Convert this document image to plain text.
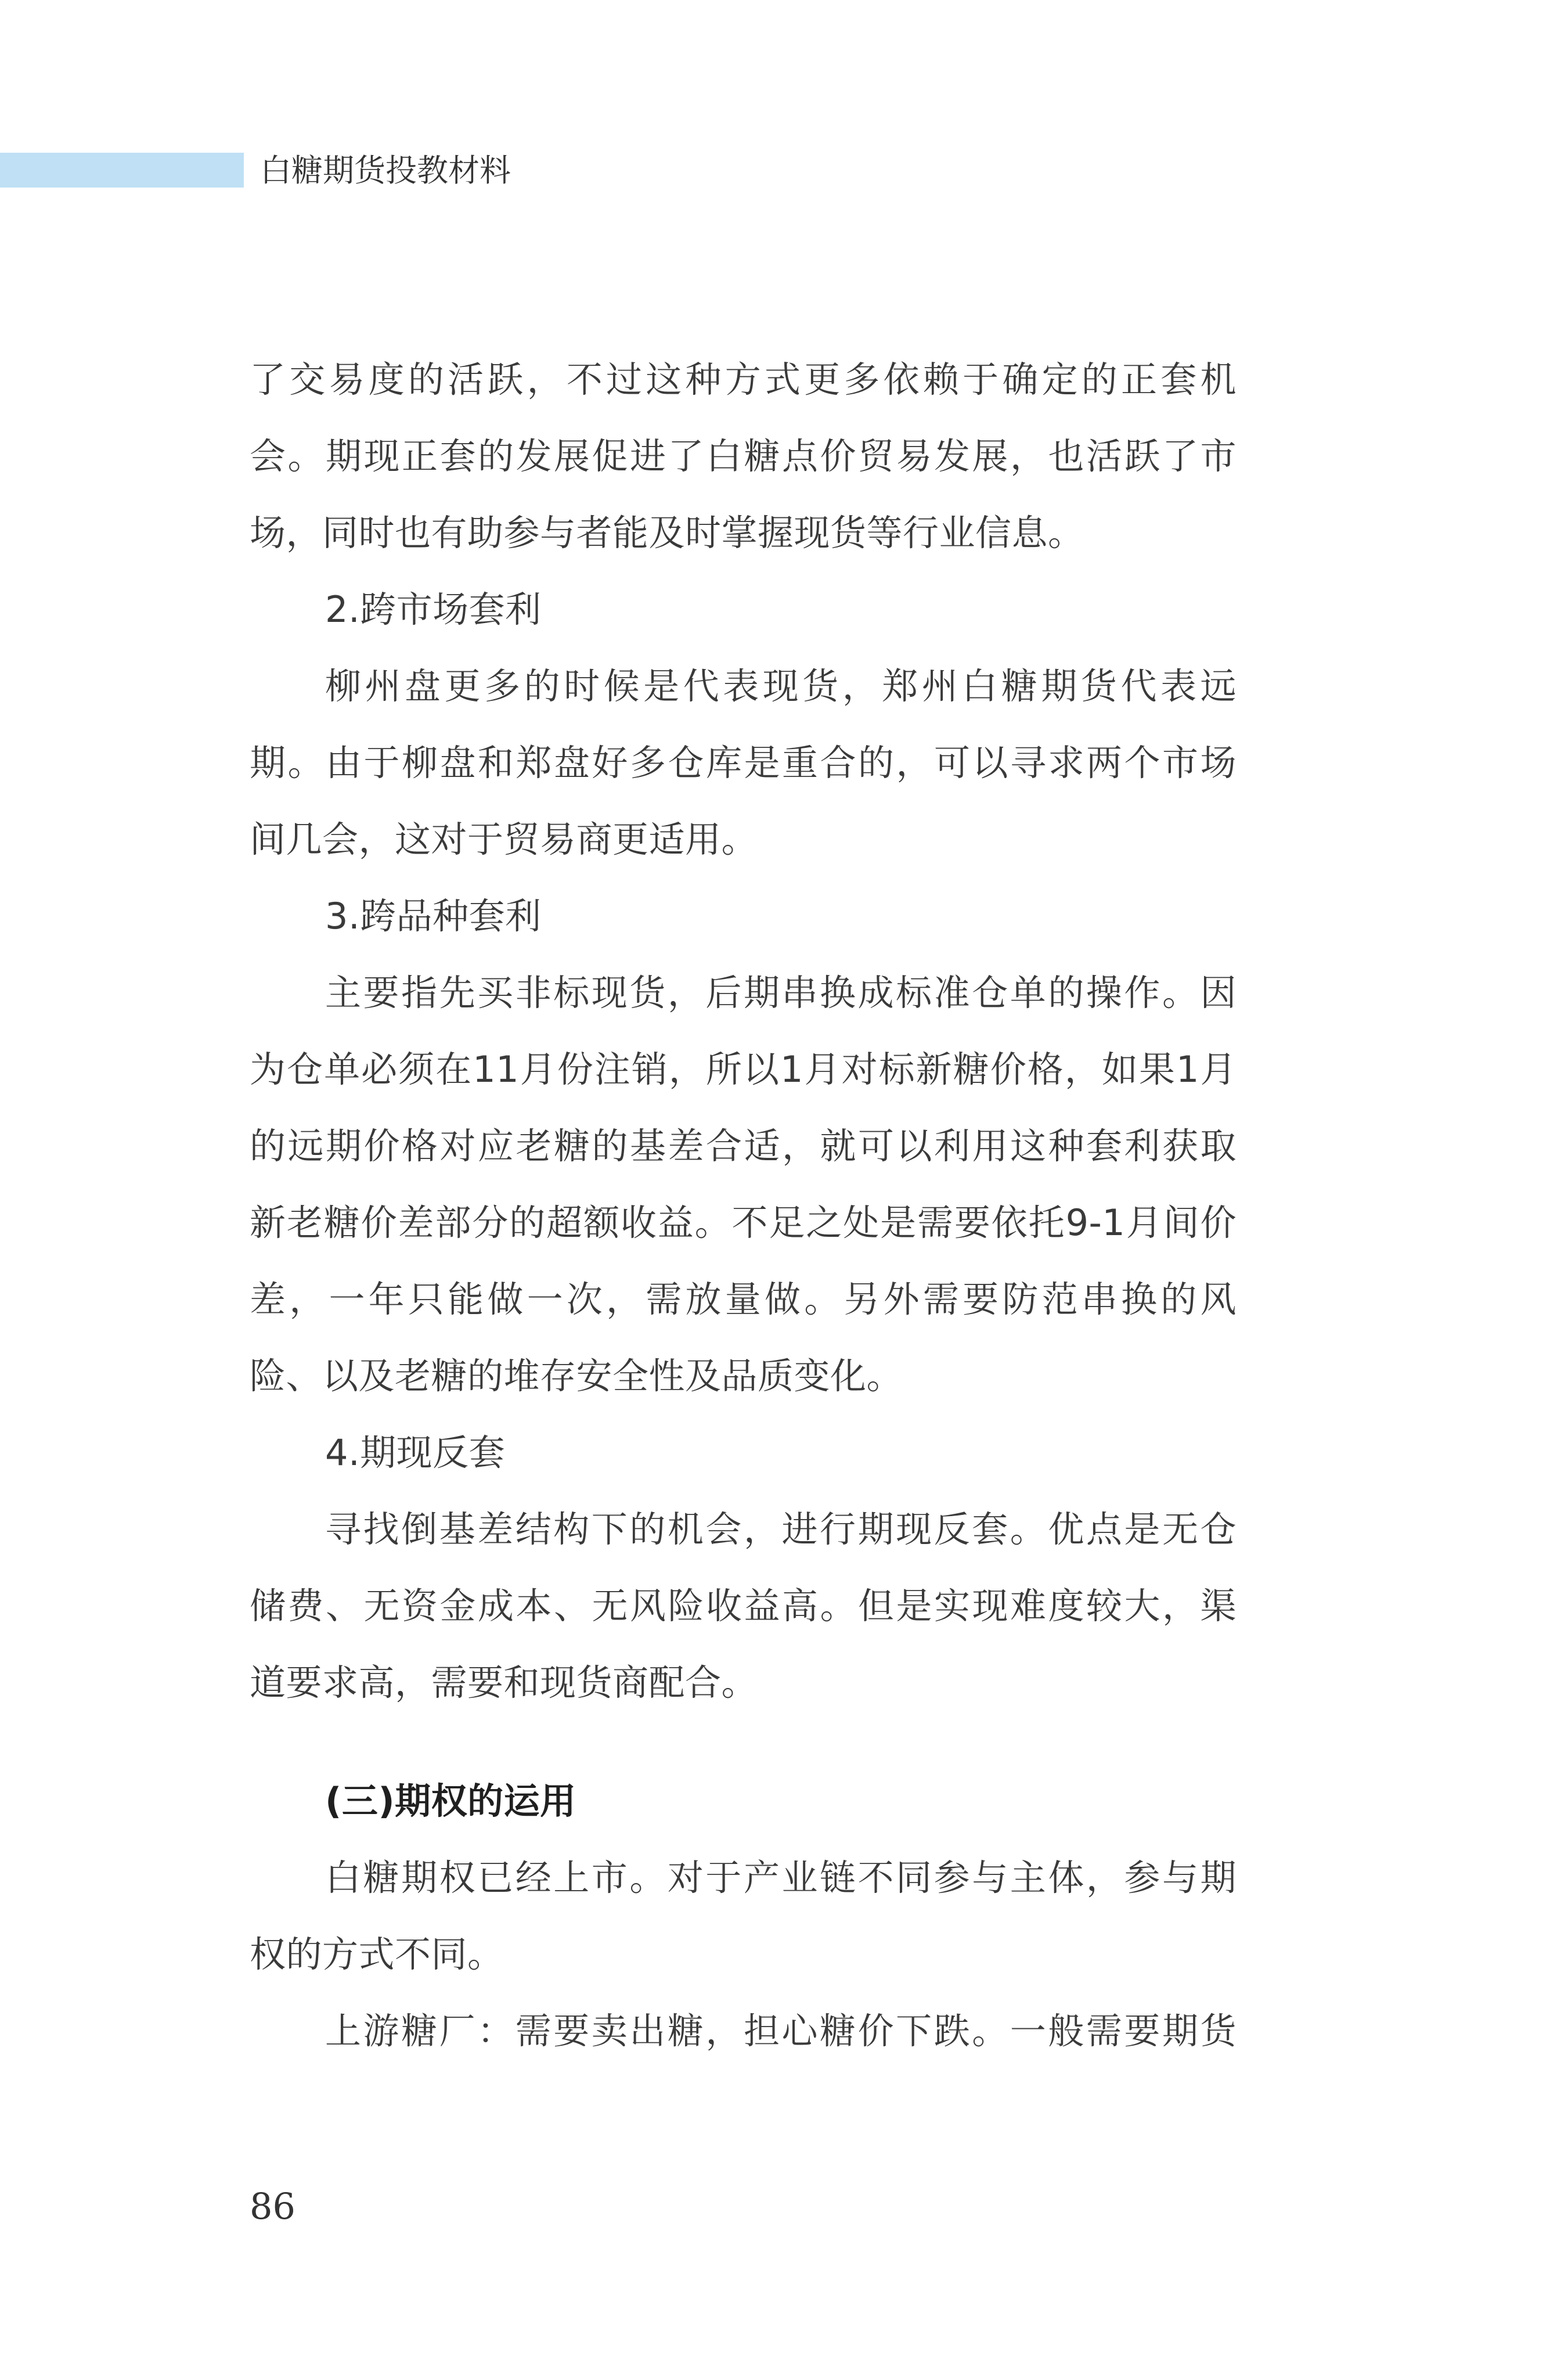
白糖期货投教材料
了交易度的活跃，不过这种方式更多依赖于确定的正套机
会。期现正套的发展促进了白糖点价贸易发展，也活跃了市
场，同时也有助参与者能及时掌握现货等行业信息。
2.跨市场套利
柳州盘更多的时候是代表现货，郑州白糖期货代表远
期。由于柳盘和郑盘好多仓库是重合的，可以寻求两个市场
间几会，这对于贸易商更适用。
3.跨品种套利
主要指先买非标现货，后期串换成标准仓单的操作。因
为仓单必须在11月份注销，所以1月对标新糖价格，如果1月
的远期价格对应老糖的基差合适，就可以利用这种套利获取
新老糖价差部分的超额收益。不足之处是需要依托9-1月间价
差，一年只能做一次，需放量做。另外需要防范串换的风
险、以及老糖的堆存安全性及品质变化。
4.期现反套
寻找倒基差结构下的机会，进行期现反套。优点是无仓
储费、无资金成本、无风险收益高。但是实现难度较大，渠
道要求高，需要和现货商配合。
(三)期权的运用
白糖期权已经上市。对于产业链不同参与主体，参与期
权的方式不同。
上游糖厂：需要卖出糖，担心糖价下跌。一般需要期货
86
